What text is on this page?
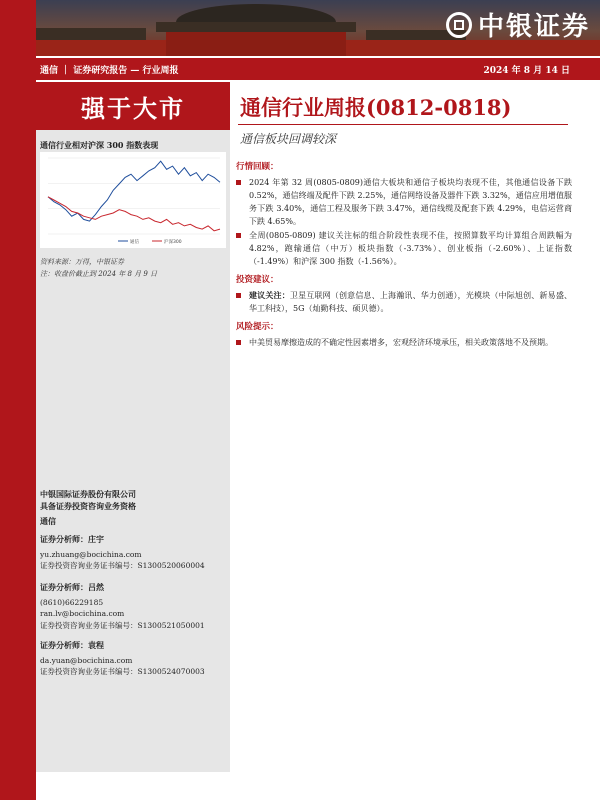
中银证券
通信 ｜ 证券研究报告 — 行业周报	2024 年 8 月 14 日
强于大市
通信行业相对沪深 300 指数表现
通信	沪深300
资料来源：万得，中银证券
注：收盘价截止到 2024 年 8 月 9 日
中银国际证券股份有限公司
具备证券投资咨询业务资格
通信
证券分析师：庄宇
yu.zhuang@bocichina.com
证券投资咨询业务证书编号：S1300520060004
证券分析师：吕然
(8610)66229185
ran.lv@bocichina.com
证券投资咨询业务证书编号：S1300521050001
证券分析师：袁程
da.yuan@bocichina.com
证券投资咨询业务证书编号：S1300524070003
通信行业周报(0812-0818)
通信板块回调较深
行情回顾：
2024 年第 32 周(0805-0809)通信大板块和通信子板块均表现不佳，其他通信设备下跌 0.52%，通信终端及配件下跌 2.25%，通信网络设备及器件下跌 3.32%，通信应用增值服务下跌 3.40%，通信工程及服务下跌 3.47%，通信线缆及配套下跌 4.29%，电信运营商下跌 4.65%。
全周(0805-0809) 建议关注标的组合阶段性表现不佳，按照算数平均计算组合周跌幅为 4.82%，跑输通信（中万）板块指数（-3.73%）、创业板指（-2.60%）、上证指数（-1.49%）和沪深 300 指数（-1.56%）。
投资建议：
建议关注：卫星互联网（创意信息、上海瀚讯、华力创通），光模块（中际旭创、新易盛、华工科技），5G（灿勤科技、硕贝德）。
风险提示：
中美贸易摩擦造成的不确定性因素增多，宏观经济环境承压，相关政策落地不及预期。
